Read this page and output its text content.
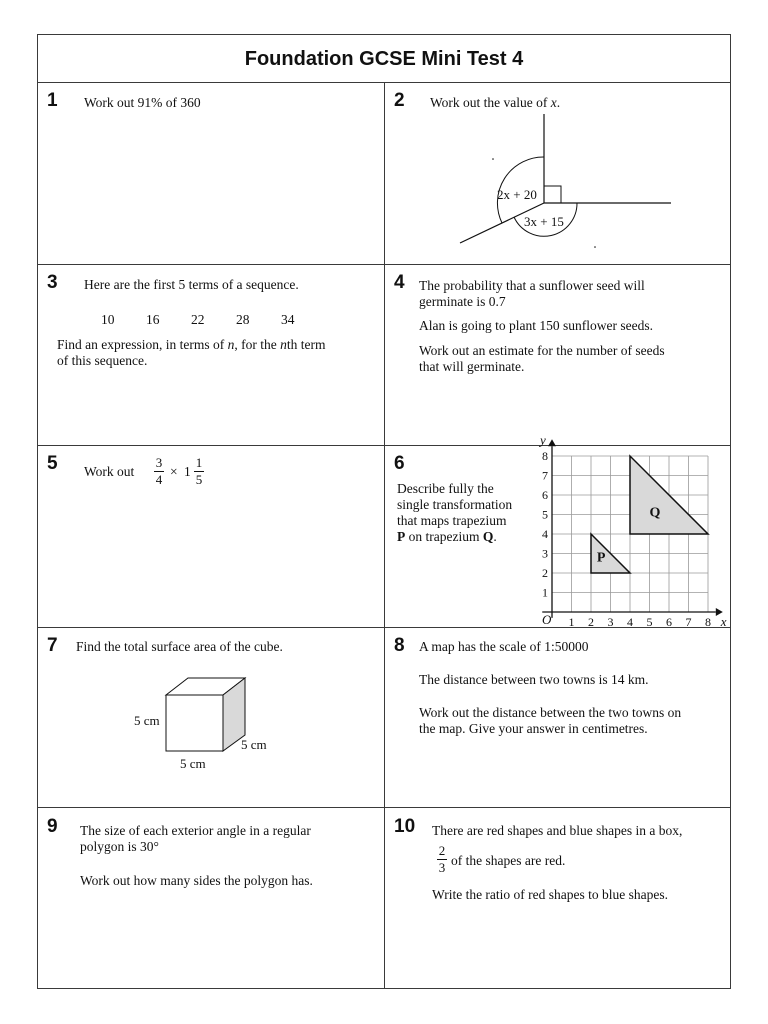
Foundation GCSE Mini Test 4
1 Work out 91% of 360	2 Work out the value of x.
2x + 20
3x + 15
3 Here are the first 5 terms of a sequence.
10 16 22 28 34
Find an expression, in terms of n, for the nth term
of this sequence.
4 The probability that a sunflower seed will
germinate is 0.7
Alan is going to plant 150 sunflower seeds.
Work out an estimate for the number of seeds
that will germinate.
5 Work out
3
4
× 1
1
5
6
Describe fully the
single transformation
that maps trapezium
P on trapezium Q.
1 2 3 4 5 6 7 8
1
2
3
4
5
6
7
8
O	x
y
P
Q
7 Find the total surface area of the cube.
5 cm
5 cm
5 cm
8 A map has the scale of 1:50000
The distance between two towns is 14 km.
Work out the distance between the two towns on
the map. Give your answer in centimetres.
9 The size of each exterior angle in a regular
polygon is 30°
Work out how many sides the polygon has.
10 There are red shapes and blue shapes in a box,
2
3 of the shapes are red.
Write the ratio of red shapes to blue shapes.
